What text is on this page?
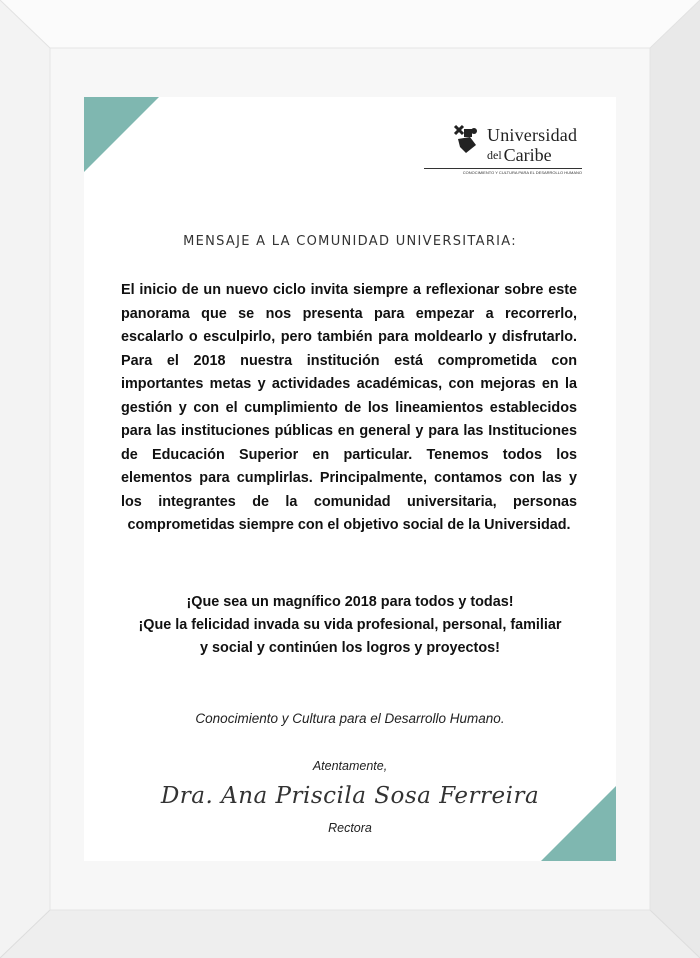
Universidad
del Caribe
CONOCIMIENTO Y CULTURA PARA EL DESARROLLO HUMANO
MENSAJE A LA COMUNIDAD UNIVERSITARIA:
El inicio de un nuevo ciclo invita siempre a reflexionar sobre este panorama que se nos presenta para empezar a recorrerlo, escalarlo o esculpirlo, pero también para moldearlo y disfrutarlo. Para el 2018 nuestra institución está comprometida con importantes metas y actividades académicas, con mejoras en la gestión y con el cumplimiento de los lineamientos establecidos para las instituciones públicas en general y para las Instituciones de Educación Superior en particular. Tenemos todos los elementos para cumplirlas. Principalmente, contamos con las y los integrantes de la comunidad universitaria, personas comprometidas siempre con el objetivo social de la Universidad.
¡Que sea un magnífico 2018 para todos y todas!
¡Que la felicidad invada su vida profesional, personal, familiar
y social y continúen los logros y proyectos!
Conocimiento y Cultura para el Desarrollo Humano.
Atentamente,
Dra. Ana Priscila Sosa Ferreira
Rectora
